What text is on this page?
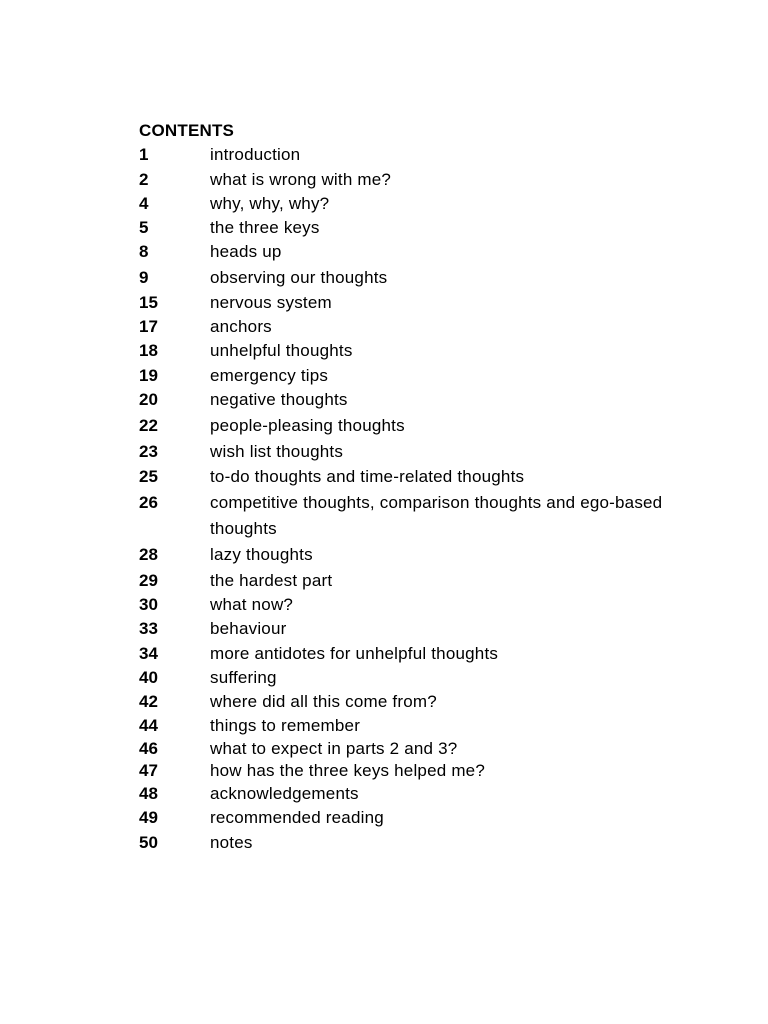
CONTENTS
1	introduction
2	what is wrong with me?
4	why, why, why?
5	the three keys
8	heads up
9	observing our thoughts
15	nervous system
17	anchors
18	unhelpful thoughts
19	emergency tips
20	negative thoughts
22	people-pleasing thoughts
23	wish list thoughts
25	to-do thoughts and time-related thoughts
26	competitive thoughts, comparison thoughts and ego-based thoughts
28	lazy thoughts
29	the hardest part
30	what now?
33	behaviour
34	more antidotes for unhelpful thoughts
40	suffering
42	where did all this come from?
44	things to remember
46	what to expect in parts 2 and 3?
47	how has the three keys helped me?
48	acknowledgements
49	recommended reading
50	notes
